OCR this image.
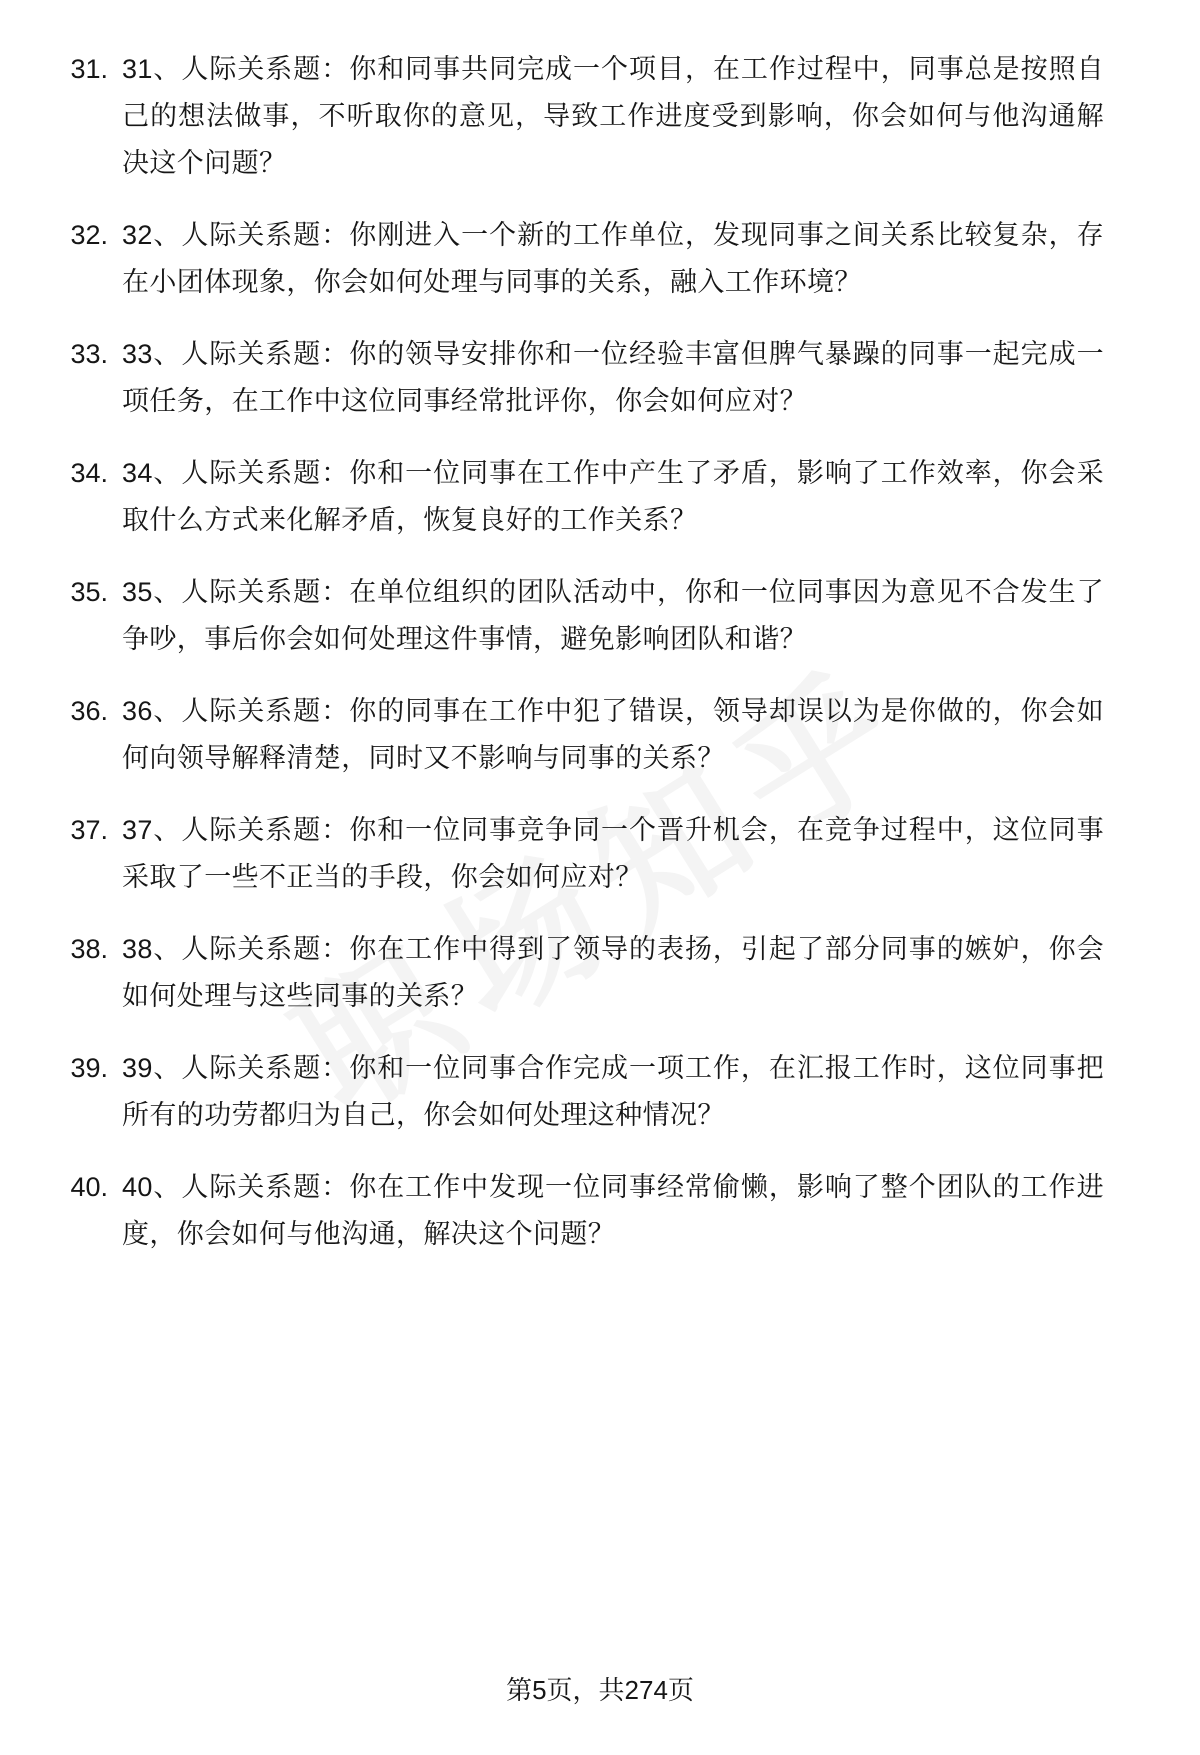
31. 31、人际关系题：你和同事共同完成一个项目，在工作过程中，同事总是按照自己的想法做事，不听取你的意见，导致工作进度受到影响，你会如何与他沟通解决这个问题？
32. 32、人际关系题：你刚进入一个新的工作单位，发现同事之间关系比较复杂，存在小团体现象，你会如何处理与同事的关系，融入工作环境？
33. 33、人际关系题：你的领导安排你和一位经验丰富但脾气暴躁的同事一起完成一项任务，在工作中这位同事经常批评你，你会如何应对？
34. 34、人际关系题：你和一位同事在工作中产生了矛盾，影响了工作效率，你会采取什么方式来化解矛盾，恢复良好的工作关系？
35. 35、人际关系题：在单位组织的团队活动中，你和一位同事因为意见不合发生了争吵，事后你会如何处理这件事情，避免影响团队和谐？
36. 36、人际关系题：你的同事在工作中犯了错误，领导却误以为是你做的，你会如何向领导解释清楚，同时又不影响与同事的关系？
37. 37、人际关系题：你和一位同事竞争同一个晋升机会，在竞争过程中，这位同事采取了一些不正当的手段，你会如何应对？
38. 38、人际关系题：你在工作中得到了领导的表扬，引起了部分同事的嫉妒，你会如何处理与这些同事的关系？
39. 39、人际关系题：你和一位同事合作完成一项工作，在汇报工作时，这位同事把所有的功劳都归为自己，你会如何处理这种情况？
40. 40、人际关系题：你在工作中发现一位同事经常偷懒，影响了整个团队的工作进度，你会如何与他沟通，解决这个问题？
第5页，共274页
